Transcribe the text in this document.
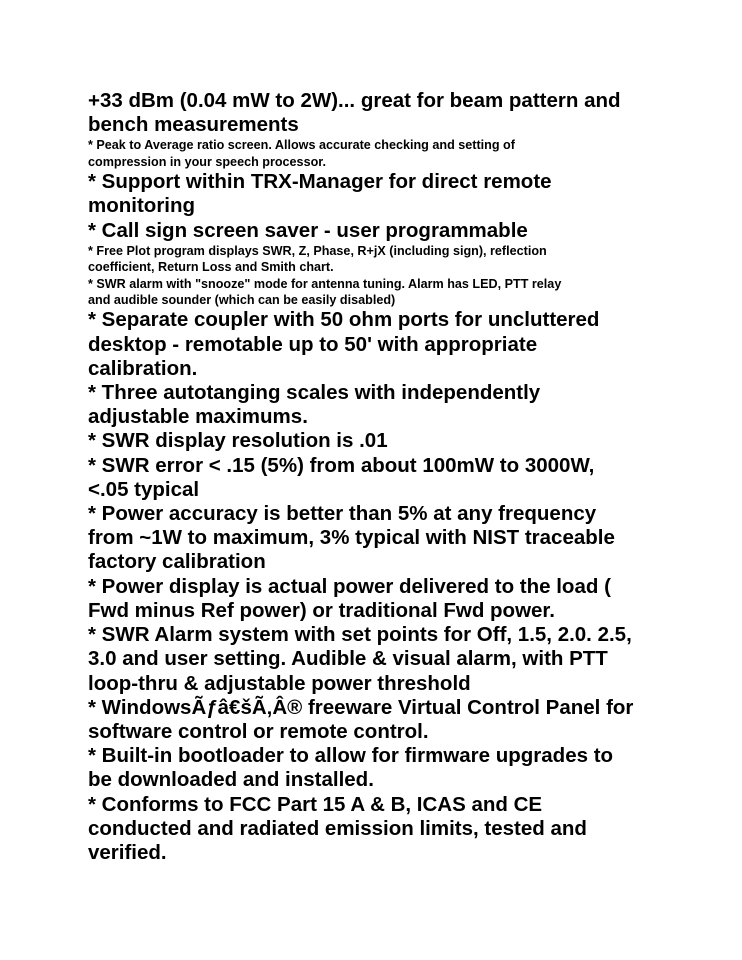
+33 dBm (0.04 mW to 2W)... great for beam pattern and

bench measurements

* Peak to Average ratio screen. Allows accurate checking and setting of

compression in your speech processor.

* Support within TRX-Manager for direct remote

monitoring

* Call sign screen saver - user programmable

* Free Plot program displays SWR, Z, Phase, R+jX (including sign), reflection

coefficient, Return Loss and Smith chart.

* SWR alarm with "snooze" mode for antenna tuning. Alarm has LED, PTT relay

and audible sounder (which can be easily disabled)

* Separate coupler with 50 ohm ports for uncluttered

desktop - remotable up to 50' with appropriate

calibration.

* Three autotanging scales with independently

adjustable maximums.

* SWR display resolution is .01

* SWR error < .15 (5%) from about 100mW to 3000W,

<.05 typical

* Power accuracy is better than 5% at any frequency

from ~1W to maximum, 3% typical with NIST traceable

factory calibration

* Power display is actual power delivered to the load (

Fwd minus Ref power) or traditional Fwd power.

* SWR Alarm system with set points for Off, 1.5, 2.0. 2.5,

3.0 and user setting. Audible & visual alarm, with PTT

loop-thru & adjustable power threshold

* WindowsÃƒâ€šÃ‚Â® freeware Virtual Control Panel for

software control or remote control.

* Built-in bootloader to allow for firmware upgrades to

be downloaded and installed.

* Conforms to FCC Part 15 A & B, ICAS and CE

conducted and radiated emission limits, tested and

verified.
